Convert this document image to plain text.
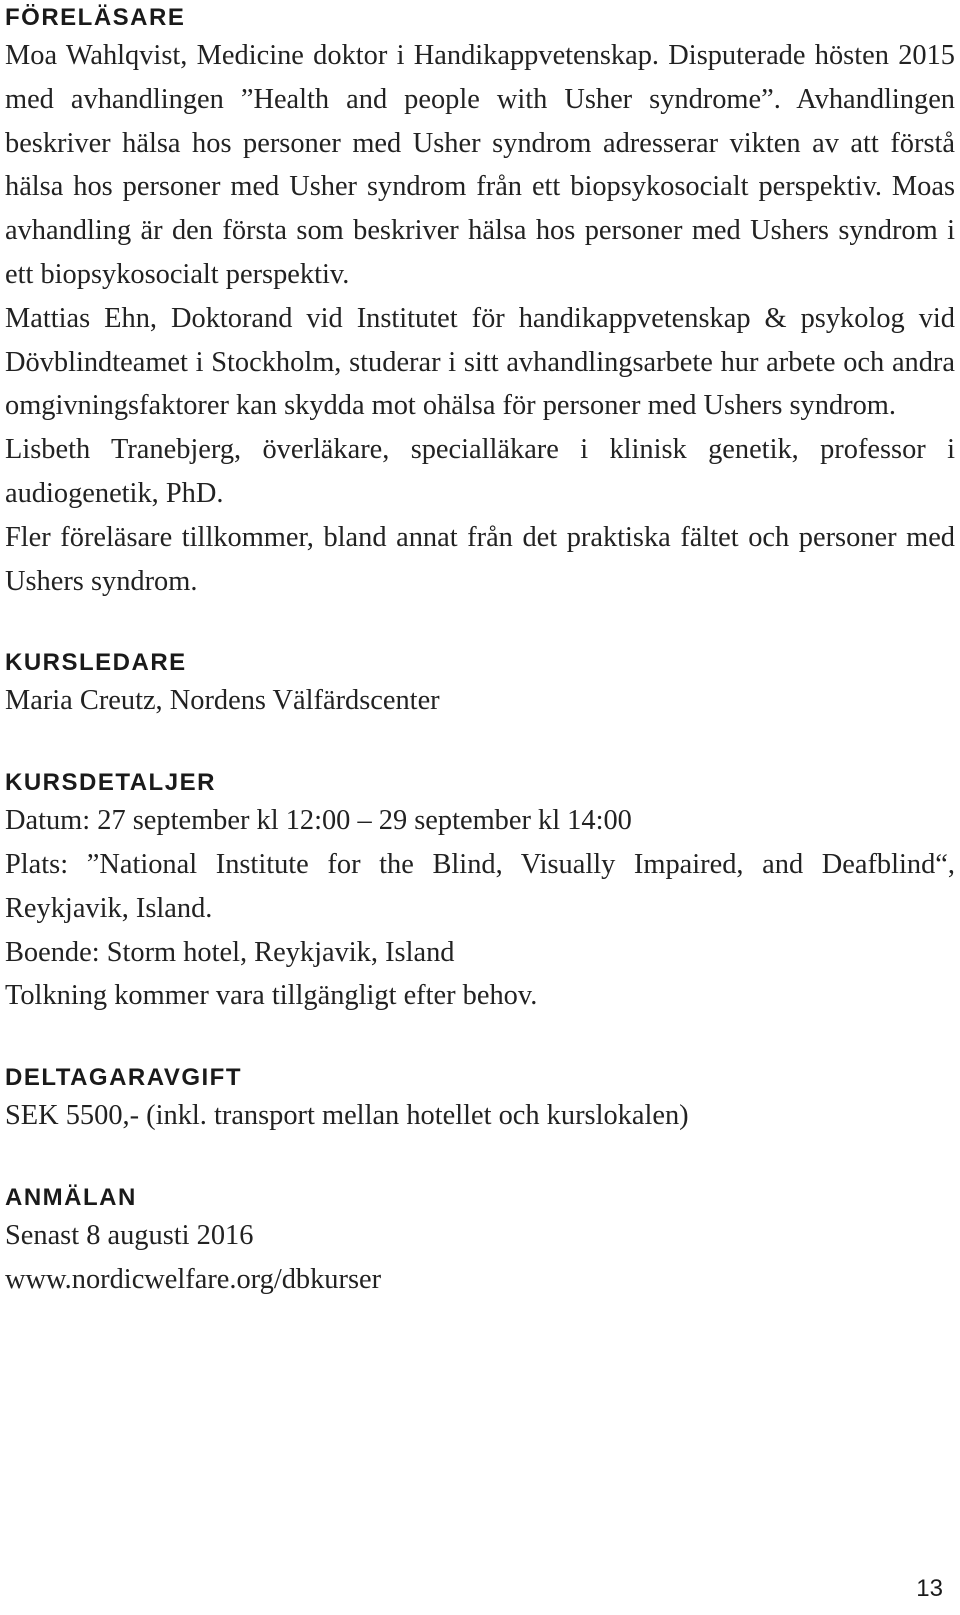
FÖRELÄSARE

Moa Wahlqvist, Medicine doktor i Handikappvetenskap. Disputerade hösten 2015 med avhandlingen ”Health and people with Usher syndrome”. Avhandlingen beskriver hälsa hos personer med Usher syndrom adresserar vikten av att förstå hälsa hos personer med Usher syndrom från ett biopsykosocialt perspektiv. Moas avhandling är den första som beskriver hälsa hos personer med Ushers syndrom i ett biopsykosocialt perspektiv.

Mattias Ehn, Doktorand vid Institutet för handikappvetenskap & psykolog vid Dövblindteamet i Stockholm, studerar i sitt avhandlingsarbete hur arbete och andra omgivningsfaktorer kan skydda mot ohälsa för personer med Ushers syndrom.

Lisbeth Tranebjerg, överläkare, specialläkare i klinisk genetik, professor i audiogenetik, PhD.

Fler föreläsare tillkommer, bland annat från det praktiska fältet och personer med Ushers syndrom.

KURSLEDARE

Maria Creutz, Nordens Välfärdscenter

KURSDETALJER

Datum: 27 september kl 12:00 – 29 september kl 14:00

Plats: ”National Institute for the Blind, Visually Impaired, and Deafblind“, Reykjavik, Island.

Boende: Storm hotel, Reykjavik, Island

Tolkning kommer vara tillgängligt efter behov.

DELTAGARAVGIFT

SEK 5500,- (inkl. transport mellan hotellet och kurslokalen)

ANMÄLAN

Senast 8 augusti 2016

www.nordicwelfare.org/dbkurser

13
